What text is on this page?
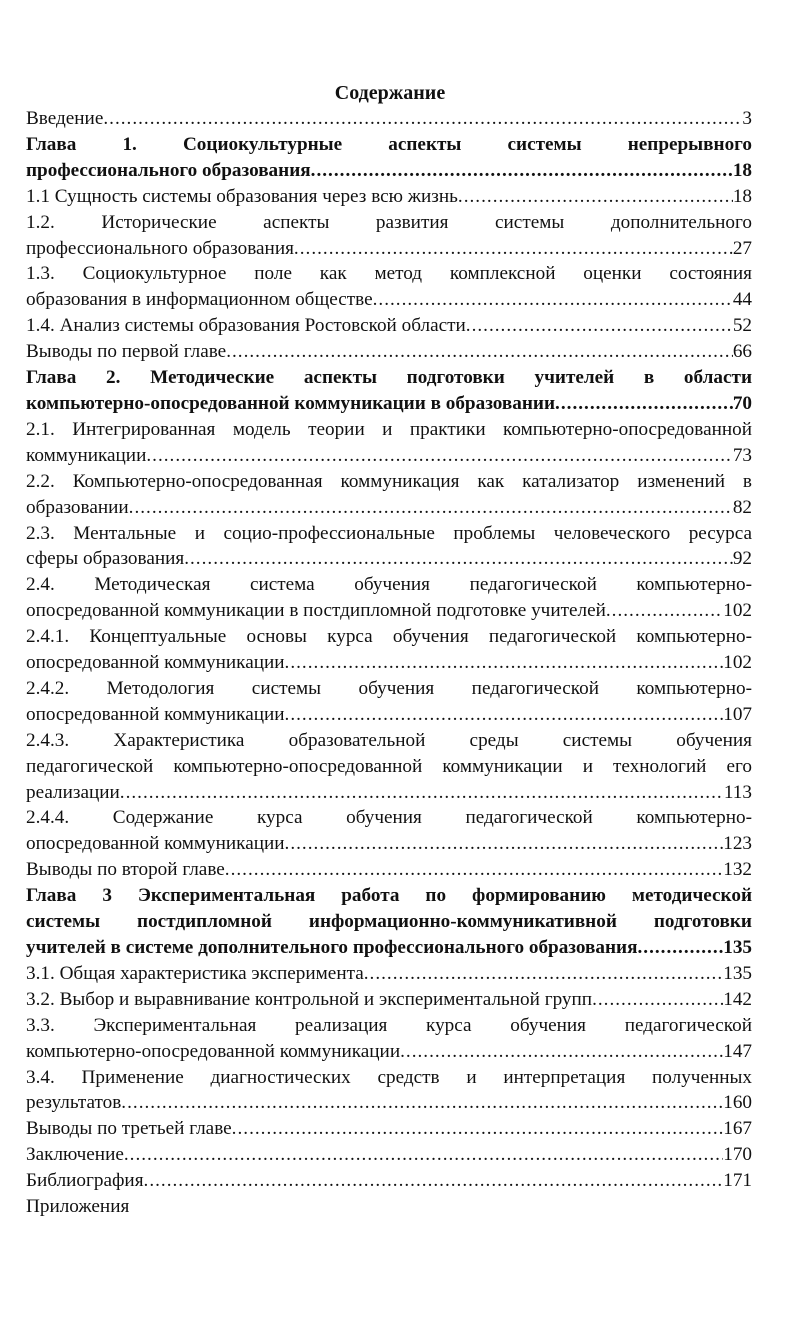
Содержание
Введение .....	3
Глава 1. Социокультурные аспекты системы непрерывного
профессионального образования .....	18
1.1 Сущность системы образования через всю жизнь .....	18
1.2. Исторические аспекты развития системы дополнительного
профессионального образования .....	27
1.3. Социокультурное поле как метод комплексной оценки состояния
образования в информационном обществе .....	44
1.4. Анализ системы образования Ростовской области .....	52
Выводы по первой главе .....	66
Глава 2. Методические аспекты подготовки учителей в области
компьютерно-опосредованной коммуникации в образовании .....	70
2.1. Интегрированная модель теории и практики компьютерно-опосредованной
коммуникации .....	73
2.2. Компьютерно-опосредованная коммуникация как катализатор изменений в
образовании .....	82
2.3. Ментальные и социо-профессиональные проблемы человеческого ресурса
сферы образования .....	92
2.4. Методическая система обучения педагогической компьютерно-
опосредованной коммуникации в постдипломной подготовке учителей .....	102
2.4.1. Концептуальные основы курса обучения педагогической компьютерно-
опосредованной коммуникации .....	102
2.4.2. Методология системы обучения педагогической компьютерно-
опосредованной коммуникации .....	107
2.4.3. Характеристика образовательной среды системы обучения
педагогической компьютерно-опосредованной коммуникации и технологий его
реализации .....	113
2.4.4. Содержание курса обучения педагогической компьютерно-
опосредованной коммуникации .....	123
Выводы по второй главе .....	132
Глава 3 Экспериментальная работа по формированию методической
системы постдипломной информационно-коммуникативной подготовки
учителей в системе дополнительного профессионального образования .....	135
3.1. Общая характеристика эксперимента .....	135
3.2. Выбор и выравнивание контрольной и экспериментальной групп .....	142
3.3. Экспериментальная реализация курса обучения педагогической
компьютерно-опосредованной коммуникации .....	147
3.4. Применение диагностических средств и интерпретация полученных
результатов .....	160
Выводы по третьей главе .....	167
Заключение .....	170
Библиография .....	171
Приложения
